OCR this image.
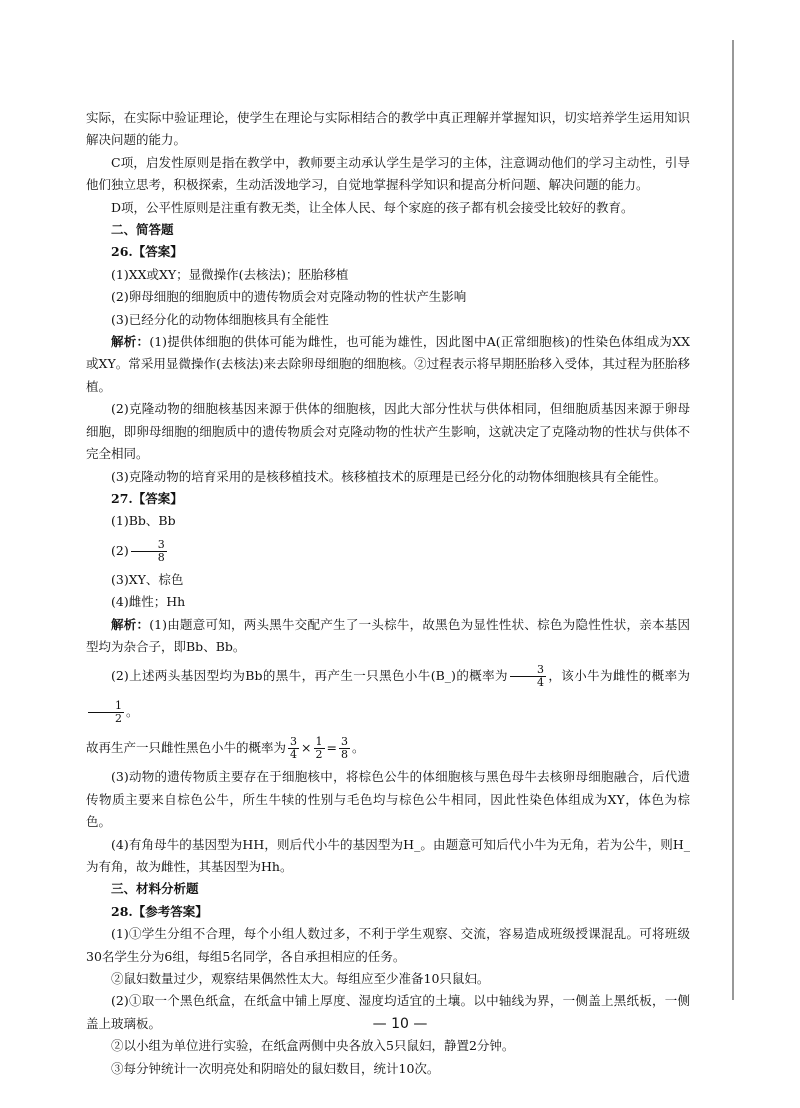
实际，在实际中验证理论，使学生在理论与实际相结合的教学中真正理解并掌握知识，切实培养学生运用知识解决问题的能力。

C项，启发性原则是指在教学中，教师要主动承认学生是学习的主体，注意调动他们的学习主动性，引导他们独立思考，积极探索，生动活泼地学习，自觉地掌握科学知识和提高分析问题、解决问题的能力。

D项，公平性原则是注重有教无类，让全体人民、每个家庭的孩子都有机会接受比较好的教育。

二、简答题

26.【答案】

(1)XX或XY；显微操作(去核法)；胚胎移植

(2)卵母细胞的细胞质中的遗传物质会对克隆动物的性状产生影响

(3)已经分化的动物体细胞核具有全能性

解析：(1)提供体细胞的供体可能为雌性，也可能为雄性，因此图中A(正常细胞核)的性染色体组成为XX或XY。常采用显微操作(去核法)来去除卵母细胞的细胞核。②过程表示将早期胚胎移入受体，其过程为胚胎移植。

(2)克隆动物的细胞核基因来源于供体的细胞核，因此大部分性状与供体相同，但细胞质基因来源于卵母细胞，即卵母细胞的细胞质中的遗传物质会对克隆动物的性状产生影响，这就决定了克隆动物的性状与供体不完全相同。

(3)克隆动物的培育采用的是核移植技术。核移植技术的原理是已经分化的动物体细胞核具有全能性。

27.【答案】

(1)Bb、Bb

$(2) \frac{3}{8}$

(3)XY、棕色

(4)雌性；Hh

解析：(1)由题意可知，两头黑牛交配产生了一头棕牛，故黑色为显性性状、棕色为隐性性状，亲本基因型均为杂合子，即Bb、Bb。

(2)上述两头基因型均为Bb的黑牛，再产生一只黑色小牛(B_)的概率为 $\frac{3}{4}$ ，该小牛为雌性的概率为
$\frac{1}{2}$ 。

故再生产一只雌性黑色小牛的概率为 $\frac{3}{4} \times \frac{1}{2} = \frac{3}{8}$ 。

(3)动物的遗传物质主要存在于细胞核中，将棕色公牛的体细胞核与黑色母牛去核卵母细胞融合，后代遗传物质主要来自棕色公牛，所生牛犊的性别与毛色均与棕色公牛相同，因此性染色体组成为XY，体色为棕色。

(4)有角母牛的基因型为HH，则后代小牛的基因型为H_。由题意可知后代小牛为无角，若为公牛，则H_为有角，故为雌性，其基因型为Hh。

三、材料分析题

28.【参考答案】

(1)①学生分组不合理，每个小组人数过多，不利于学生观察、交流，容易造成班级授课混乱。可将班级30名学生分为6组，每组5名同学，各自承担相应的任务。

②鼠妇数量过少，观察结果偶然性太大。每组应至少准备10只鼠妇。

(2)①取一个黑色纸盒，在纸盒中铺上厚度、湿度均适宜的土壤。以中轴线为界，一侧盖上黑纸板，一侧盖上玻璃板。

②以小组为单位进行实验，在纸盒两侧中央各放入5只鼠妇，静置2分钟。

③每分钟统计一次明亮处和阴暗处的鼠妇数目，统计10次。

— 10 —
